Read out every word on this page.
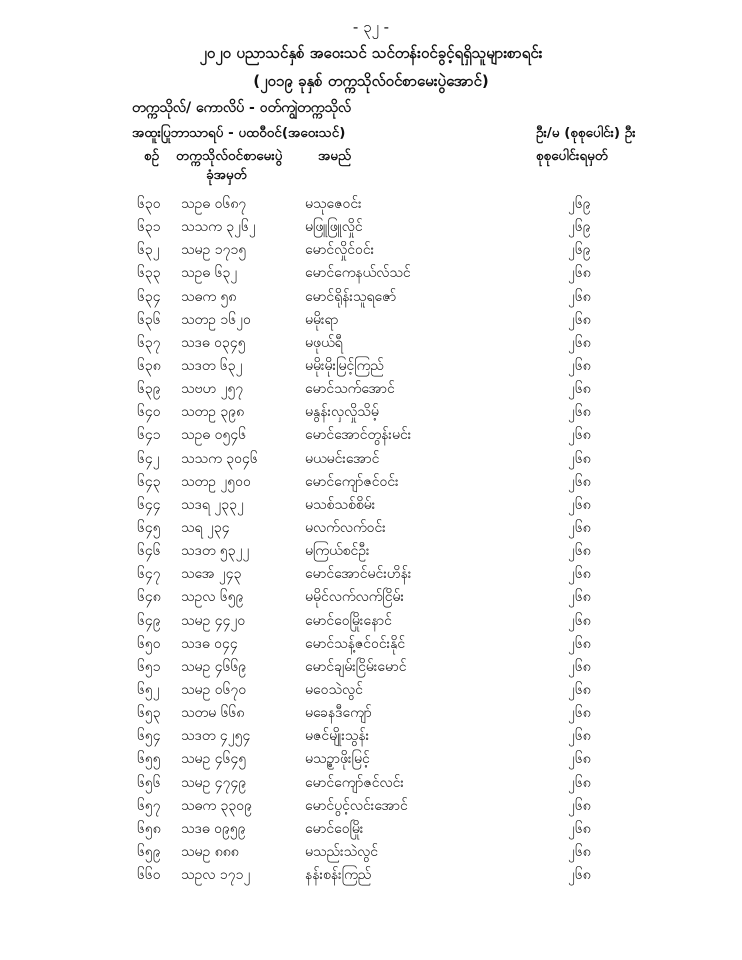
- ၃၂ -
၂၀၂၀ ပညာသင်နှစ် အဝေးသင် သင်တန်းဝင်ခွင့်ရရှိသူများစာရင်း
(၂၀၁၉ ခုနှစ် တက္ကသိုလ်ဝင်စာမေးပွဲအောင်)
တက္ကသိုလ်/ ကောလိပ် - ဝတ်ကျွဲတက္ကသိုလ်
အထူးပြုဘာသာရပ် - ပထဝီဝင်(အဝေးသင်)	ဦး/မ (စုစုပေါင်း) ဦး
စဉ် တက္ကသိုလ်ဝင်စာမေးပွဲ
ခုံအမှတ်
အမည်	စုစုပေါင်းရမှတ်
၆၃၀ သဥဓ ၀၆၈၇	မသုဇေဝင်း	၂၆၉
၆၃၁ သသက ၃၂၆၂	မဖြူဖြူလှိုင်	၂၆၉
၆၃၂ သမဥ ၁၇၁၅	မောင်လှိုင်ဝင်း	၂၆၉
၆၃၃ သဥဓ ၆၃၂	မောင်ကေနယ်လ်သင်	၂၆၈
၆၃၄ သဓက ၅၈	မောင်ရိုန်းသူရဇော်	၂၆၈
၆၃၆ သတဥ ၁၆၂၀	မမိုးရာ	၂၆၈
၆၃၇ သဒဓ ၀၃၄၅	မဖုယ်ရီ	၂၆၈
၆၃၈ သဒတ ၆၃၂	မမိုးမိုးမြင့်ကြည်	၂၆၈
၆၃၉ သဗဟ ၂၅၇	မောင်သက်အောင်	၂၆၈
၆၄၀ သတဥ ၃၉၈	မနွန်းလှလှိုသိမ့်	၂၆၈
၆၄၁ သဥဓ ၀၅၄၆	မောင်အောင်တွန်းမင်း	၂၆၈
၆၄၂ သသက ၃၀၄၆	မယမင်းအောင်	၂၆၈
၆၄၃ သတဥ ၂၅၀၀	မောင်ကျော်ဇင်ဝင်း	၂၆၈
၆၄၄ သဒရ ၂၃၃၂	မသစ်သစ်စိမ်း	၂၆၈
၆၄၅ သရ ၂၃၄	မလက်လက်ဝင်း	၂၆၈
၆၄၆ သဒတ ၅၃၂၂	မကြယ်စင်ဦး	၂၆၈
၆၄၇ သအေ ၂၄၃	မောင်အောင်မင်းဟိန်း	၂၆၈
၆၄၈ သဥလ ၆၅၉	မမိုင်လက်လက်ငြိမ်း	၂၆၈
၆၄၉ သမဥ ၄၄၂၀	မောင်ဝေမြိုးနောင်	၂၆၈
၆၅၀ သဒဓ ၀၄၄	မောင်သန့်ဇင်ဝင်းနိုင်	၂၆၈
၆၅၁ သမဥ ၄၆၆၉	မောင်ချမ်းငြိမ်းမောင်	၂၆၈
၆၅၂ သမဥ ၀၆၇၀	မဝေသဲလွင်	၂၆၈
၆၅၃ သတမ ၆၆၈	မခေနဒီကျော်	၂၆၈
၆၅၄ သဒတ ၄၂၅၄	မဇင်မျိုးသွန်း	၂၆၈
၆၅၅ သမဥ ၄၆၄၅	မသဥ္စာဖိုးမြင့်	၂၆၈
၆၅၆ သမဥ ၄၇၄၉	မောင်ကျော်ဇင်လင်း	၂၆၈
၆၅၇ သဓက ၃၃၀၉	မောင်ပွင့်လင်းအောင်	၂၆၈
၆၅၈ သဒဓ ၀၉၅၉	မောင်ဝေမြိုး	၂၆၈
၆၅၉ သမဥ ၈၈၈	မသည်းသဲလွင်	၂၆၈
၆၆၀ သဥလ ၁၇၁၂	နန်းစန်းကြည်	၂၆၈
